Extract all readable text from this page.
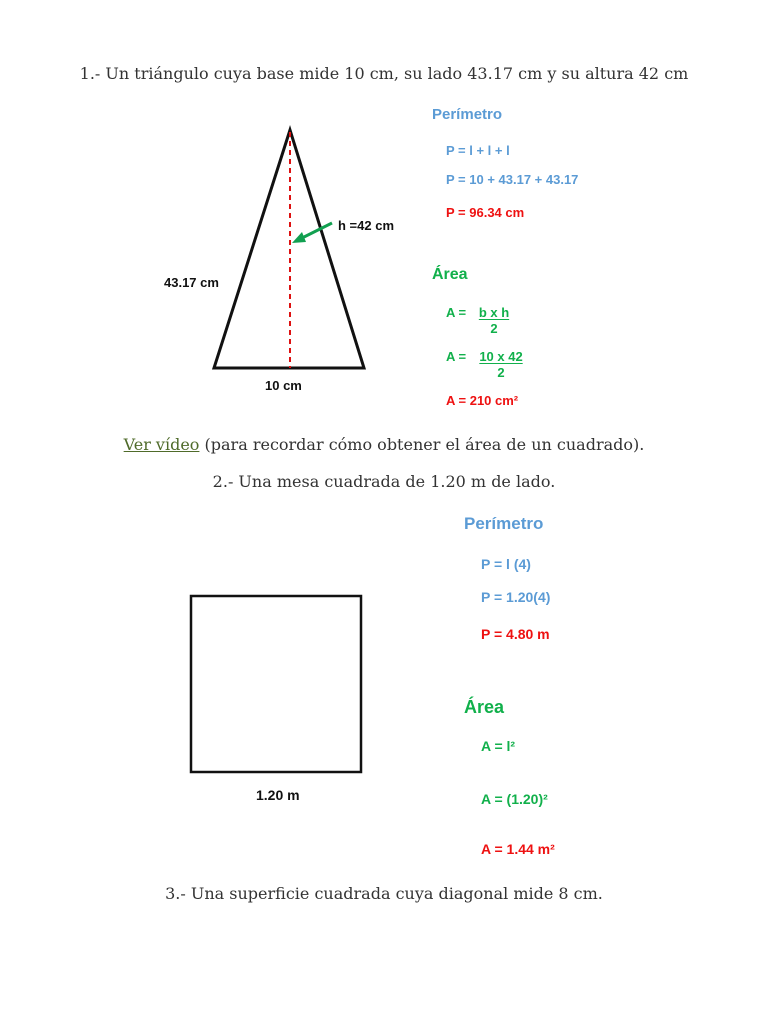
1.- Un triángulo cuya base mide 10 cm, su lado 43.17 cm y su altura 42 cm
h =42 cm
43.17 cm
10 cm
Perímetro
P = l + l + l
P = 10 + 43.17 + 43.17
P = 96.34 cm
Área
$A = \frac{\text{b x h}}{2}$
$A = \frac{10 x 42}{2}$
A = 210 cm²
Ver vídeo (para recordar cómo obtener el área de un cuadrado).
2.- Una mesa cuadrada de 1.20 m de lado.
1.20 m
Perímetro
P = l (4)
P = 1.20(4)
P = 4.80 m
Área
A = l²
A = (1.20)²
A = 1.44 m²
3.- Una superficie cuadrada cuya diagonal mide 8 cm.
